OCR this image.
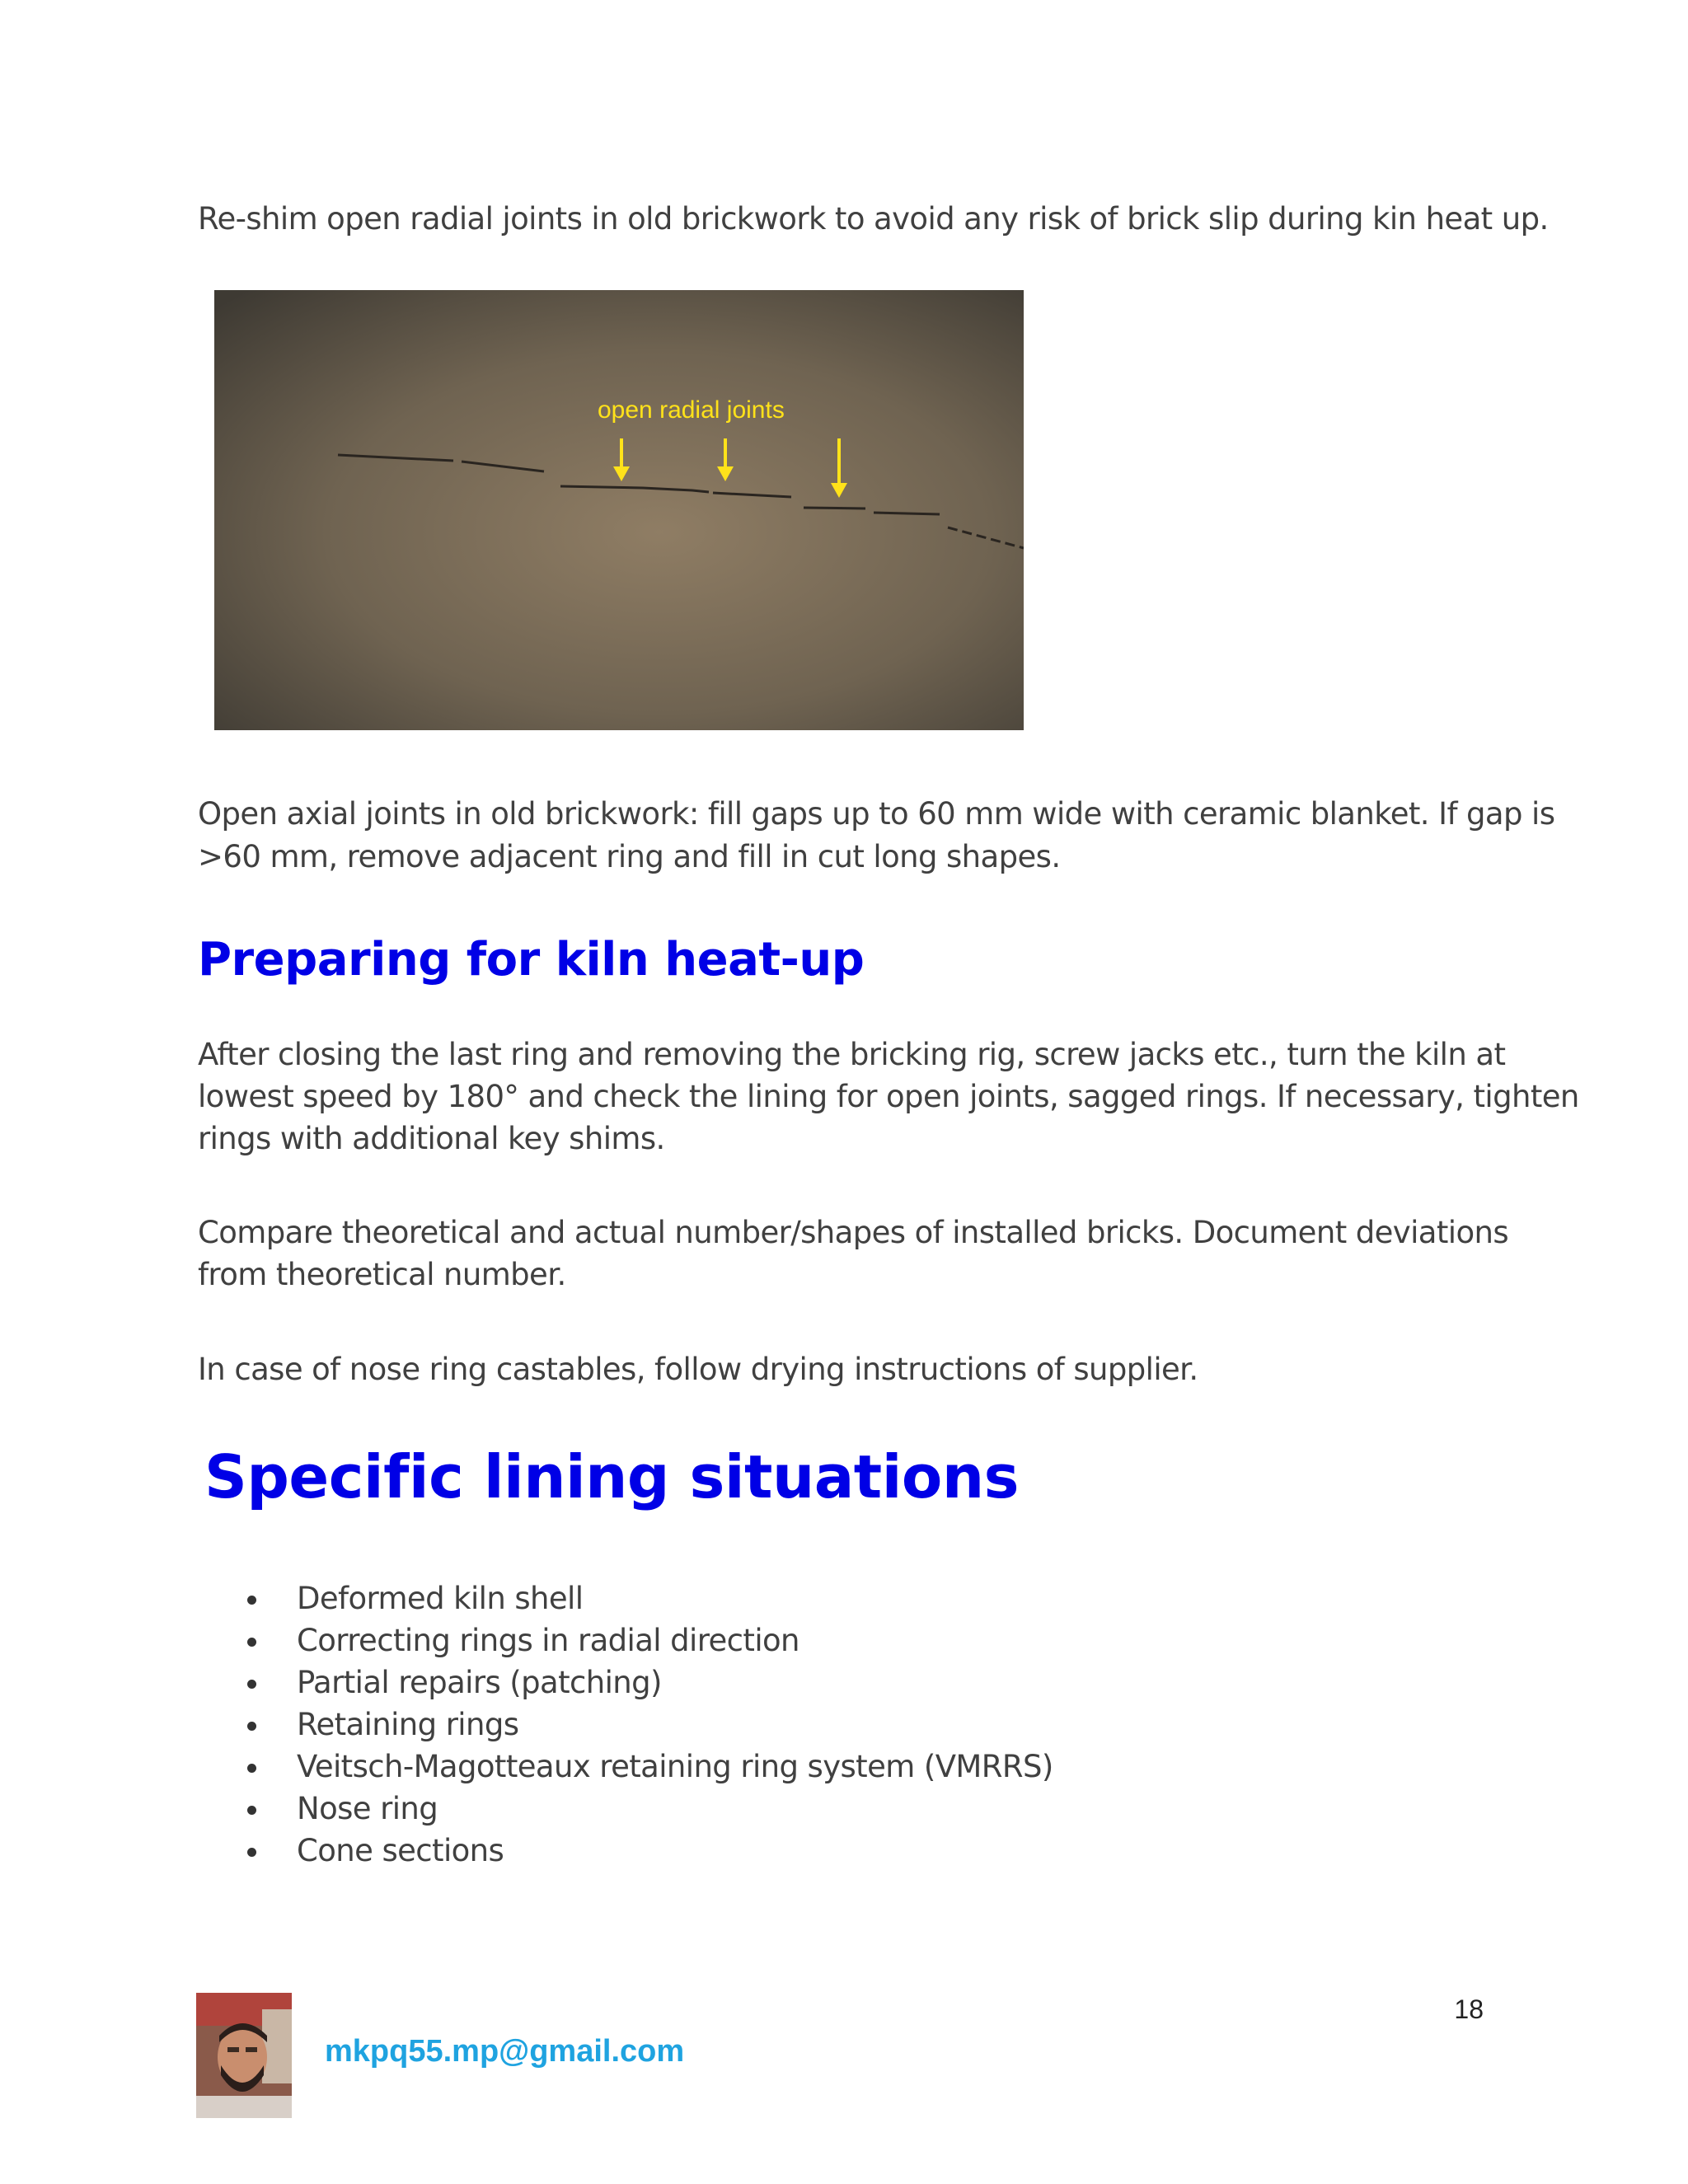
Re-shim open radial joints in old brickwork to avoid any risk of brick slip during kin heat up.

open radial joints

Open axial joints in old brickwork: fill gaps up to 60 mm wide with ceramic blanket. If gap is

>60 mm, remove adjacent ring and fill in cut long shapes.

Preparing for kiln heat-up

After closing the last ring and removing the bricking rig, screw jacks etc., turn the kiln at

lowest speed by 180° and check the lining for open joints, sagged rings. If necessary, tighten

rings with additional key shims.

Compare theoretical and actual number/shapes of installed bricks. Document deviations

from theoretical number.

In case of nose ring castables, follow drying instructions of supplier.

Specific lining situations
Deformed kiln shell
Correcting rings in radial direction
Partial repairs (patching)
Retaining rings
Veitsch-Magotteaux retaining ring system (VMRRS)
Nose ring
Cone sections
18
mkpq55.mp@gmail.com
